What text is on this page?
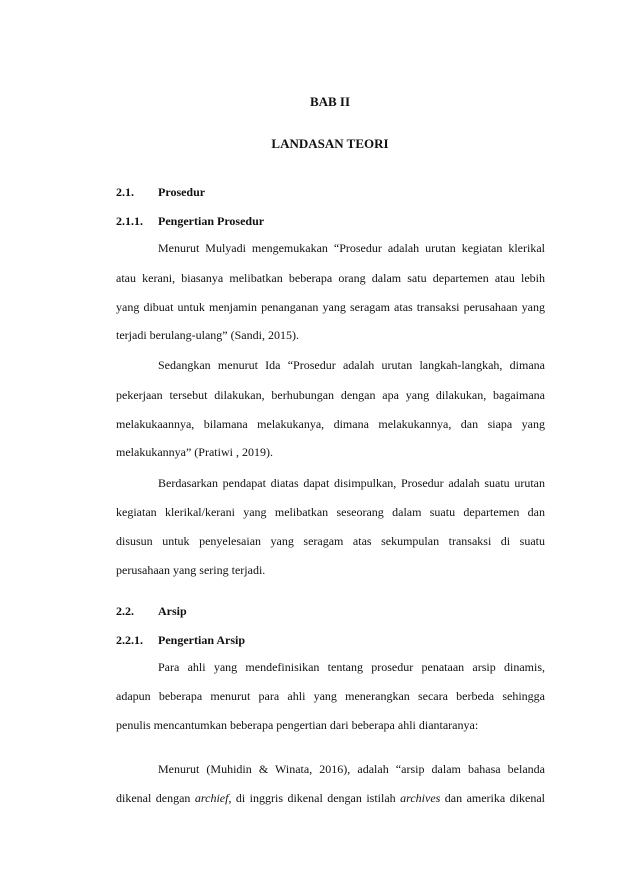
BAB II
LANDASAN TEORI
2.1. Prosedur
2.1.1. Pengertian Prosedur
Menurut Mulyadi mengemukakan “Prosedur adalah urutan kegiatan klerikal
atau kerani, biasanya melibatkan beberapa orang dalam satu departemen atau lebih
yang dibuat untuk menjamin penanganan yang seragam atas transaksi perusahaan yang
terjadi berulang-ulang” (Sandi, 2015).
Sedangkan menurut Ida “Prosedur adalah urutan langkah-langkah, dimana
pekerjaan tersebut dilakukan, berhubungan dengan apa yang dilakukan, bagaimana
melakukaannya, bilamana melakukanya, dimana melakukannya, dan siapa yang
melakukannya” (Pratiwi , 2019).
Berdasarkan pendapat diatas dapat disimpulkan, Prosedur adalah suatu urutan
kegiatan klerikal/kerani yang melibatkan seseorang dalam suatu departemen dan
disusun untuk penyelesaian yang seragam atas sekumpulan transaksi di suatu
perusahaan yang sering terjadi.
2.2. Arsip
2.2.1. Pengertian Arsip
Para ahli yang mendefinisikan tentang prosedur penataan arsip dinamis,
adapun beberapa menurut para ahli yang menerangkan secara berbeda sehingga
penulis mencantumkan beberapa pengertian dari beberapa ahli diantaranya:
Menurut (Muhidin & Winata, 2016), adalah “arsip dalam bahasa belanda
dikenal dengan archief, di inggris dikenal dengan istilah archives dan amerika dikenal
